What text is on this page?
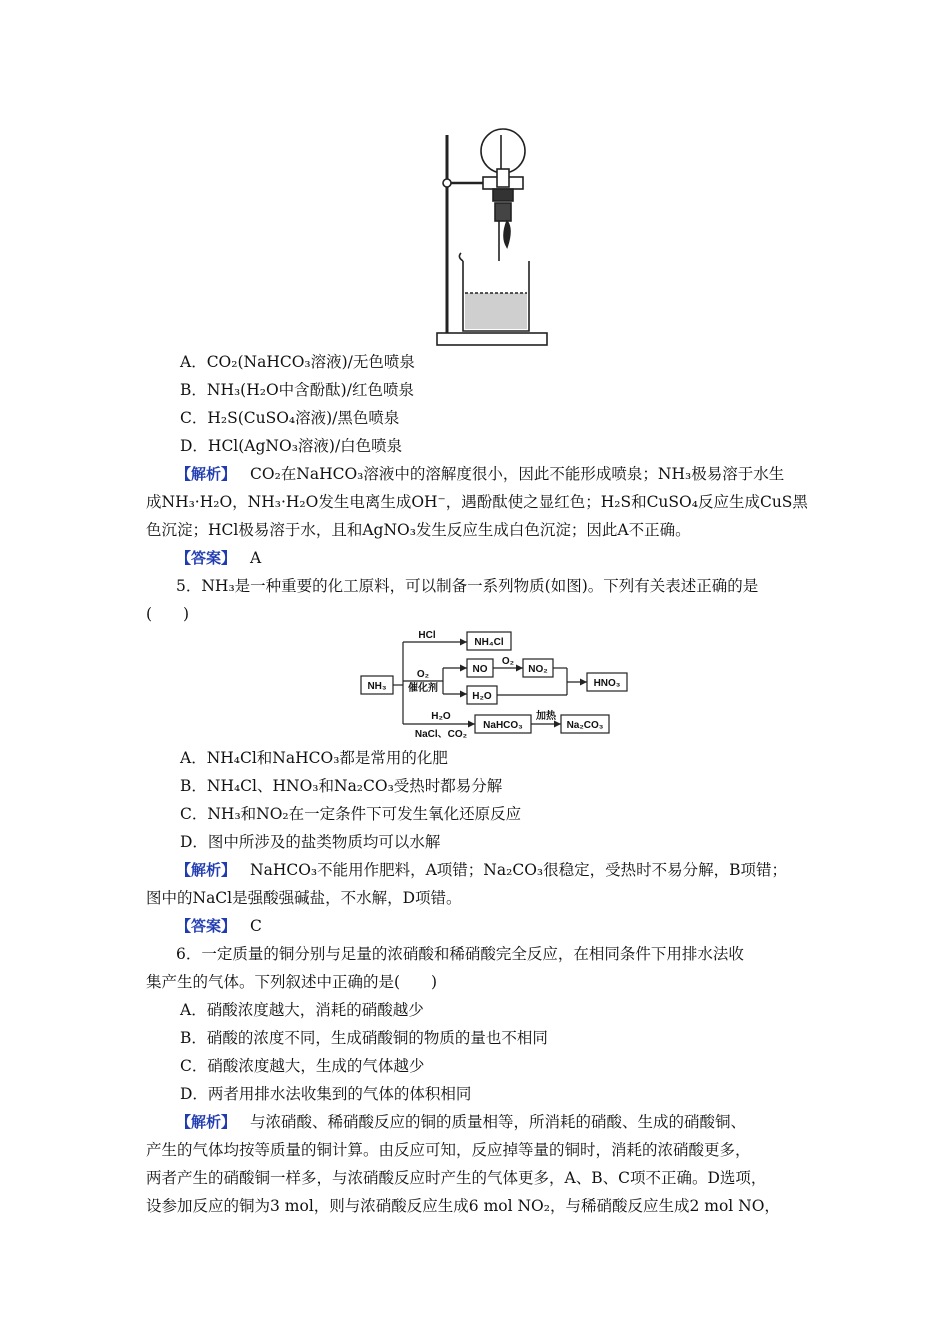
A．CO₂(NaHCO₃溶液)/无色喷泉
B．NH₃(H₂O中含酚酞)/红色喷泉
C．H₂S(CuSO₄溶液)/黑色喷泉
D．HCl(AgNO₃溶液)/白色喷泉
【解析】 CO₂在NaHCO₃溶液中的溶解度很小，因此不能形成喷泉；NH₃极易溶于水生
成NH₃·H₂O，NH₃·H₂O发生电离生成OH⁻，遇酚酞使之显红色；H₂S和CuSO₄反应生成CuS黑
色沉淀；HCl极易溶于水，且和AgNO₃发生反应生成白色沉淀；因此A不正确。
【答案】 A
5．NH₃是一种重要的化工原料，可以制备一系列物质(如图)。下列有关表述正确的是
(　　)
NH₃
HCl
NH₄Cl
O₂
催化剂
NO
O₂
NO₂
H₂O
HNO₃
H₂O
NaCl、CO₂
NaHCO₃
加热
Na₂CO₃
A．NH₄Cl和NaHCO₃都是常用的化肥
B．NH₄Cl、HNO₃和Na₂CO₃受热时都易分解
C．NH₃和NO₂在一定条件下可发生氧化还原反应
D．图中所涉及的盐类物质均可以水解
【解析】 NaHCO₃不能用作肥料，A项错；Na₂CO₃很稳定，受热时不易分解，B项错；
图中的NaCl是强酸强碱盐，不水解，D项错。
【答案】 C
6．一定质量的铜分别与足量的浓硝酸和稀硝酸完全反应，在相同条件下用排水法收
集产生的气体。下列叙述中正确的是(　　)
A．硝酸浓度越大，消耗的硝酸越少
B．硝酸的浓度不同，生成硝酸铜的物质的量也不相同
C．硝酸浓度越大，生成的气体越少
D．两者用排水法收集到的气体的体积相同
【解析】 与浓硝酸、稀硝酸反应的铜的质量相等，所消耗的硝酸、生成的硝酸铜、
产生的气体均按等质量的铜计算。由反应可知，反应掉等量的铜时，消耗的浓硝酸更多，
两者产生的硝酸铜一样多，与浓硝酸反应时产生的气体更多，A、B、C项不正确。D选项，
设参加反应的铜为3 mol，则与浓硝酸反应生成6 mol NO₂，与稀硝酸反应生成2 mol NO，
